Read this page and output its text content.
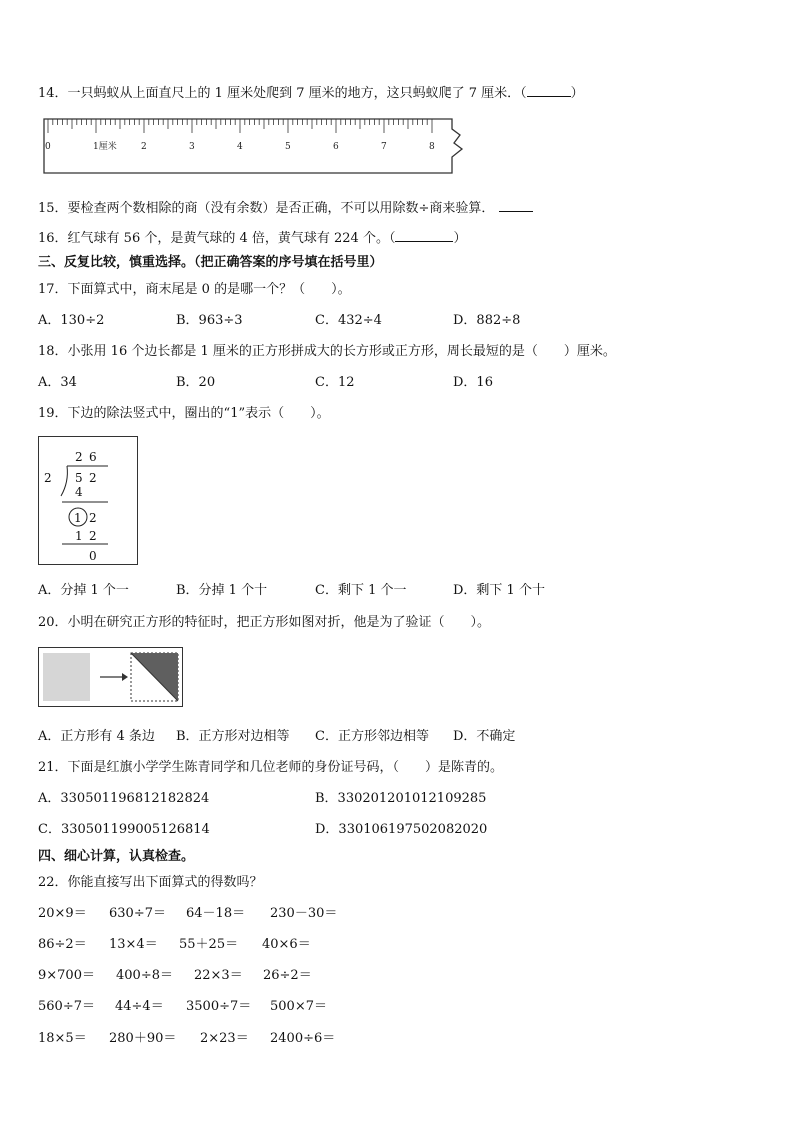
14．一只蚂蚁从上面直尺上的 1 厘米处爬到 7 厘米的地方，这只蚂蚁爬了 7 厘米．（	）
0	1厘米	2	3	4	5	6	7	8
15．要检查两个数相除的商（没有余数）是否正确，不可以用除数÷商来验算．
16．红气球有 56 个，是黄气球的 4 倍，黄气球有 224 个。（	）
三、反复比较，慎重选择。（把正确答案的序号填在括号里）
17．下面算式中，商末尾是 0 的是哪一个？（　　）。
A．130÷2	B．963÷3	C．432÷4	D．882÷8
18．小张用 16 个边长都是 1 厘米的正方形拼成大的长方形或正方形，周长最短的是（　　）厘米。
A．34	B．20	C．12	D．16
19．下边的除法竖式中，圈出的“1”表示（　　）。
2 6
2 5 2
4
1 2
1 2
0
A．分掉 1 个一	B．分掉 1 个十	C．剩下 1 个一	D．剩下 1 个十
20．小明在研究正方形的特征时，把正方形如图对折，他是为了验证（　　）。
A．正方形有 4 条边 B．正方形对边相等 C．正方形邻边相等 D．不确定
21．下面是红旗小学学生陈青同学和几位老师的身份证号码，（　　）是陈青的。
A．330501196812182824	B．330201201012109285
C．330501199005126814	D．330106197502082020
四、细心计算，认真检查。
22．你能直接写出下面算式的得数吗？
20×9＝ 630÷7＝ 64－18＝ 230－30＝
86÷2＝ 13×4＝ 55＋25＝ 40×6＝
9×700＝ 400÷8＝ 22×3＝ 26÷2＝
560÷7＝ 44÷4＝ 3500÷7＝ 500×7＝
18×5＝ 280＋90＝ 2×23＝ 2400÷6＝
